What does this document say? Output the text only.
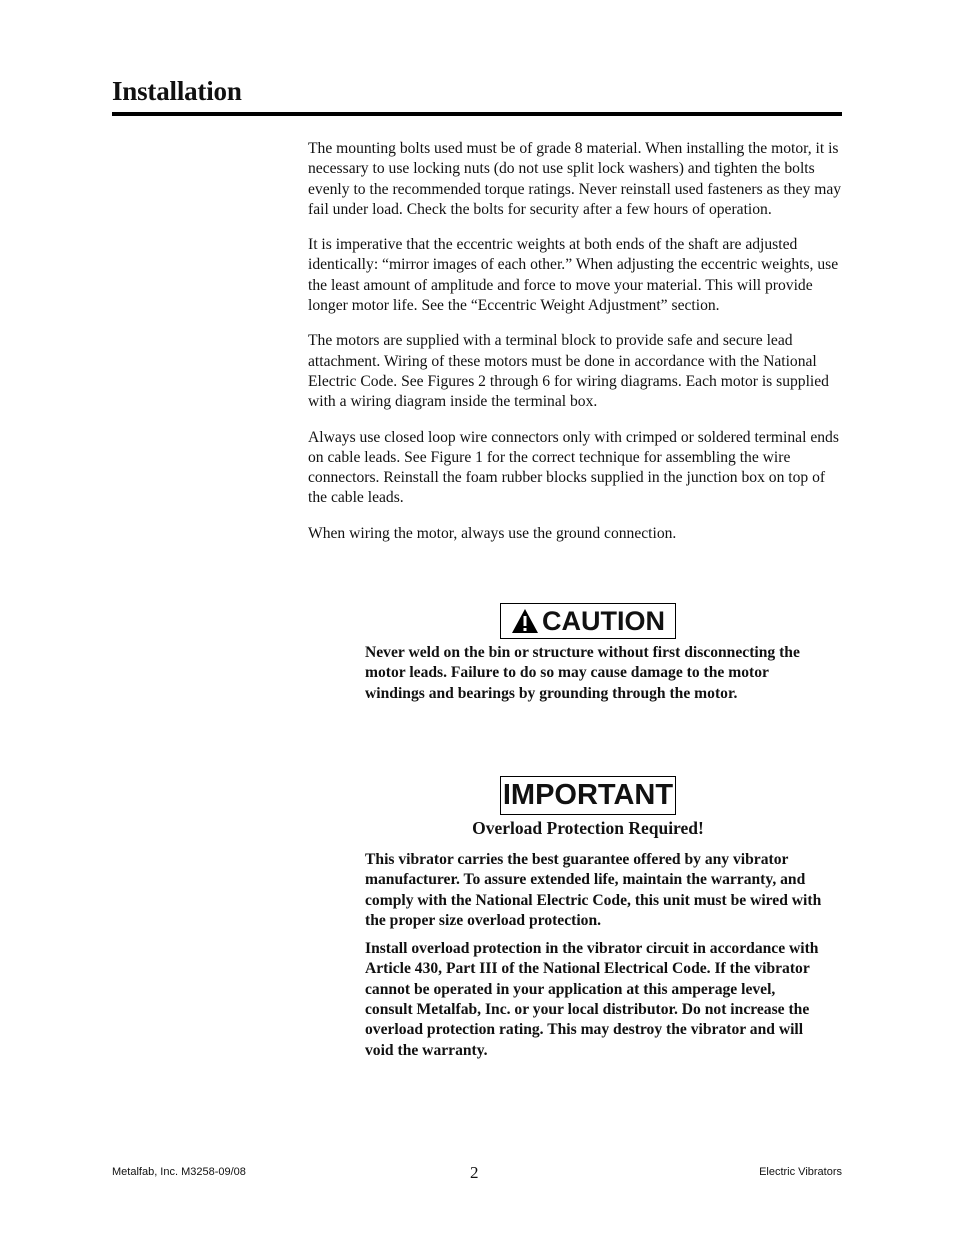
Installation

The mounting bolts used must be of grade 8 material. When installing the motor, it is necessary to use locking nuts (do not use split lock washers) and tighten the bolts evenly to the recommended torque ratings. Never reinstall used fasteners as they may fail under load. Check the bolts for security after a few hours of operation.

It is imperative that the eccentric weights at both ends of the shaft are adjusted identically: “mirror images of each other.” When adjusting the eccentric weights, use the least amount of amplitude and force to move your material. This will provide longer motor life. See the “Eccentric Weight Adjustment” section.

The motors are supplied with a terminal block to provide safe and secure lead attachment. Wiring of these motors must be done in accordance with the National Electric Code. See Figures 2 through 6 for wiring diagrams. Each motor is supplied with a wiring diagram inside the terminal box.

Always use closed loop wire connectors only with crimped or soldered terminal ends on cable leads. See Figure 1 for the correct technique for assembling the wire connectors. Reinstall the foam rubber blocks supplied in the junction box on top of the cable leads.

When wiring the motor, always use the ground connection.

CAUTION

Never weld on the bin or structure without first disconnecting the motor leads. Failure to do so may cause damage to the motor windings and bearings by grounding through the motor.

IMPORTANT
Overload Protection Required!

This vibrator carries the best guarantee offered by any vibrator manufacturer. To assure extended life, maintain the warranty, and comply with the National Electric Code, this unit must be wired with the proper size overload protection.

Install overload protection in the vibrator circuit in accordance with Article 430, Part III of the National Electrical Code. If the vibrator cannot be operated in your application at this amperage level, consult Metalfab, Inc. or your local distributor. Do not increase the overload protection rating. This may destroy the vibrator and will void the warranty.

Metalfab, Inc. M3258-09/08	2	Electric Vibrators
